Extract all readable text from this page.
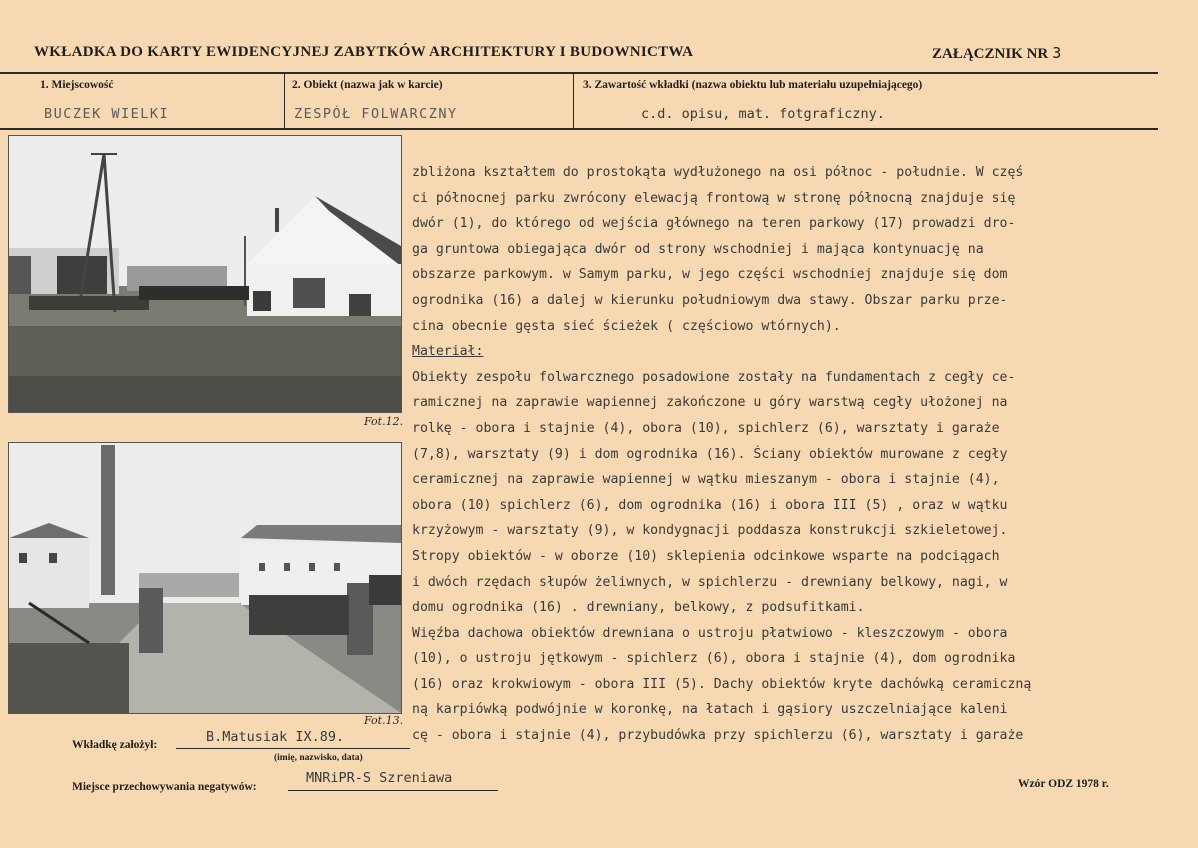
WKŁADKA DO KARTY EWIDENCYJNEJ ZABYTKÓW ARCHITEKTURY I BUDOWNICTWA	ZAŁĄCZNIK NR 3
1. Miejscowość
BUCZEK WIELKI
2. Obiekt (nazwa jak w karcie)
ZESPÓŁ FOLWARCZNY
3. Zawartość wkładki (nazwa obiektu lub materiału uzupełniającego)
c.d. opisu, mat. fotgraficzny.
Fot.12.
Fot.13.
zbliżona kształtem do prostokąta wydłużonego na osi północ - południe. W częś
ci północnej parku zwrócony elewacją frontową w stronę północną znajduje się
dwór (1), do którego od wejścia głównego na teren parkowy (17) prowadzi dro-
ga gruntowa obiegająca dwór od strony wschodniej i mająca kontynuację na
obszarze parkowym. w Samym parku, w jego części wschodniej znajduje się dom
ogrodnika (16) a dalej w kierunku południowym dwa stawy. Obszar parku prze-
cina obecnie gęsta sieć ścieżek ( częściowo wtórnych).
Materiał:
Obiekty zespołu folwarcznego posadowione zostały na fundamentach z cegły ce-
ramicznej na zaprawie wapiennej zakończone u góry warstwą cegły ułożonej na
rolkę - obora i stajnie (4), obora (10), spichlerz (6), warsztaty i garaże
(7,8), warsztaty (9) i dom ogrodnika (16). Ściany obiektów murowane z cegły
ceramicznej na zaprawie wapiennej w wątku mieszanym - obora i stajnie (4),
obora (10) spichlerz (6), dom ogrodnika (16) i obora III (5) , oraz w wątku
krzyżowym - warsztaty (9), w kondygnacji poddasza konstrukcji szkieletowej.
Stropy obiektów - w oborze (10) sklepienia odcinkowe wsparte na podciągach
i dwóch rzędach słupów żeliwnych, w spichlerzu - drewniany belkowy, nagi, w
domu ogrodnika (16) . drewniany, belkowy, z podsufitkami.
Więźba dachowa obiektów drewniana o ustroju płatwiowo - kleszczowym - obora
(10), o ustroju jętkowym - spichlerz (6), obora i stajnie (4), dom ogrodnika
(16) oraz krokwiowym - obora III (5). Dachy obiektów kryte dachówką ceramiczną
ną karpiówką podwójnie w koronkę, na łatach i gąsiory uszczelniające kaleni
cę - obora i stajnie (4), przybudówka przy spichlerzu (6), warsztaty i garaże
Wkładkę założył:	B.Matusiak IX.89.
(imię, nazwisko, data)
Miejsce przechowywania negatywów:
MNRiPR-S Szreniawa	Wzór ODZ 1978 r.
